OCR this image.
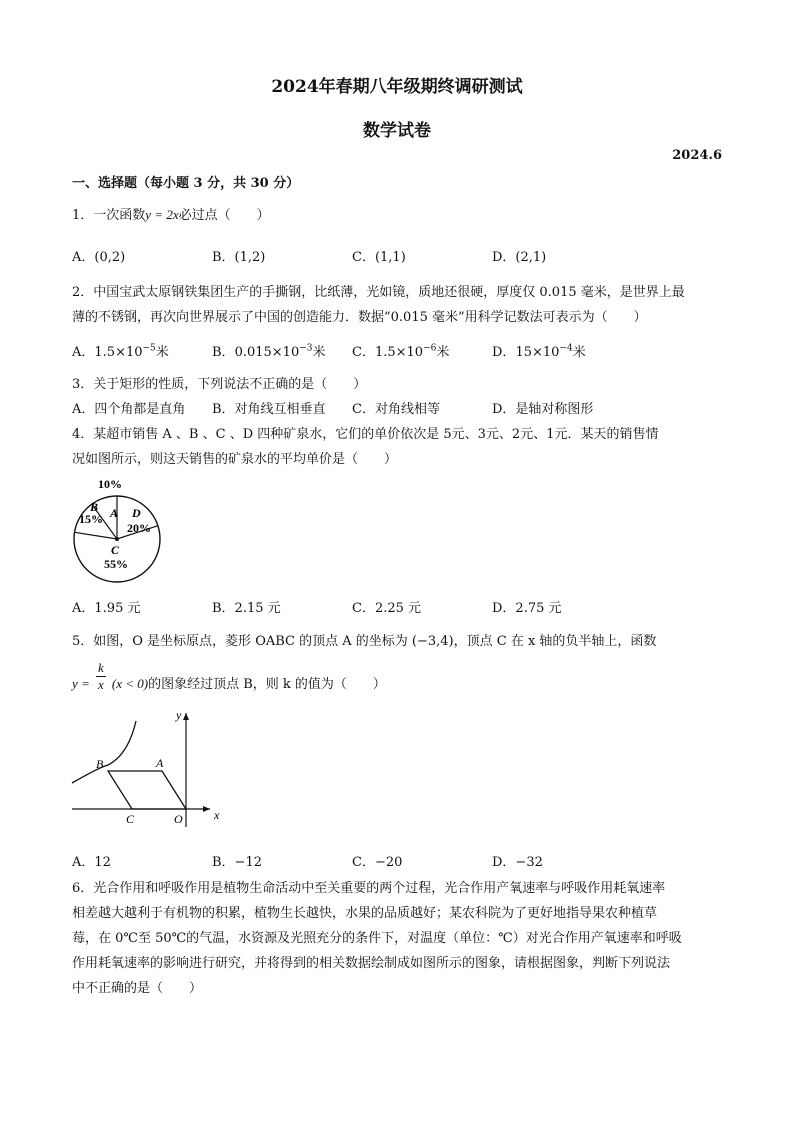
2024年春期八年级期终调研测试
数学试卷
2024.6
一、选择题（每小题 3 分，共 30 分）
1．一次函数y = 2x必过点（　　）
A．(0,2)	B．(1,2)	C．(1,1)	D．(2,1)
2．中国宝武太原钢铁集团生产的手撕钢，比纸薄，光如镜，质地还很硬，厚度仅 0.015 毫米，是世界上最
薄的不锈钢，再次向世界展示了中国的创造能力．数据“0.015 毫米”用科学记数法可表示为（　　）
A．$1.5\times 10^{-5}$米	B．$0.015\times 10^{-3}$米 C．$1.5\times 10^{-6}$米	D．$15\times 10^{-4}$米
3．关于矩形的性质，下列说法不正确的是（　　）
A．四个角都是直角 B．对角线互相垂直 C．对角线相等	D．是轴对称图形
4．某超市销售 A 、B 、C 、D 四种矿泉水，它们的单价依次是 5元、3元、2元、1元．某天的销售情
况如图所示，则这天销售的矿泉水的平均单价是（　　）
10%
A
B
15%
C
55%
D
20%
A．1.95 元	B．2.15 元	C．2.25 元	D．2.75 元
5．如图，O 是坐标原点，菱形 OABC 的顶点 A 的坐标为 (−3,4)，顶点 C 在 x 轴的负半轴上，函数
$y = \frac{k}{x} (x < 0)$的图象经过顶点 B，则 k 的值为（　　）
x
y
O
A
B
C
A．12	B．−12	C．−20	D．−32
6．光合作用和呼吸作用是植物生命活动中至关重要的两个过程，光合作用产氧速率与呼吸作用耗氧速率
相差越大越利于有机物的积累，植物生长越快，水果的品质越好；某农科院为了更好地指导果农种植草
莓，在 0℃至 50℃的气温，水资源及光照充分的条件下，对温度（单位：℃）对光合作用产氧速率和呼吸
作用耗氧速率的影响进行研究，并将得到的相关数据绘制成如图所示的图象，请根据图象，判断下列说法
中不正确的是（　　）
